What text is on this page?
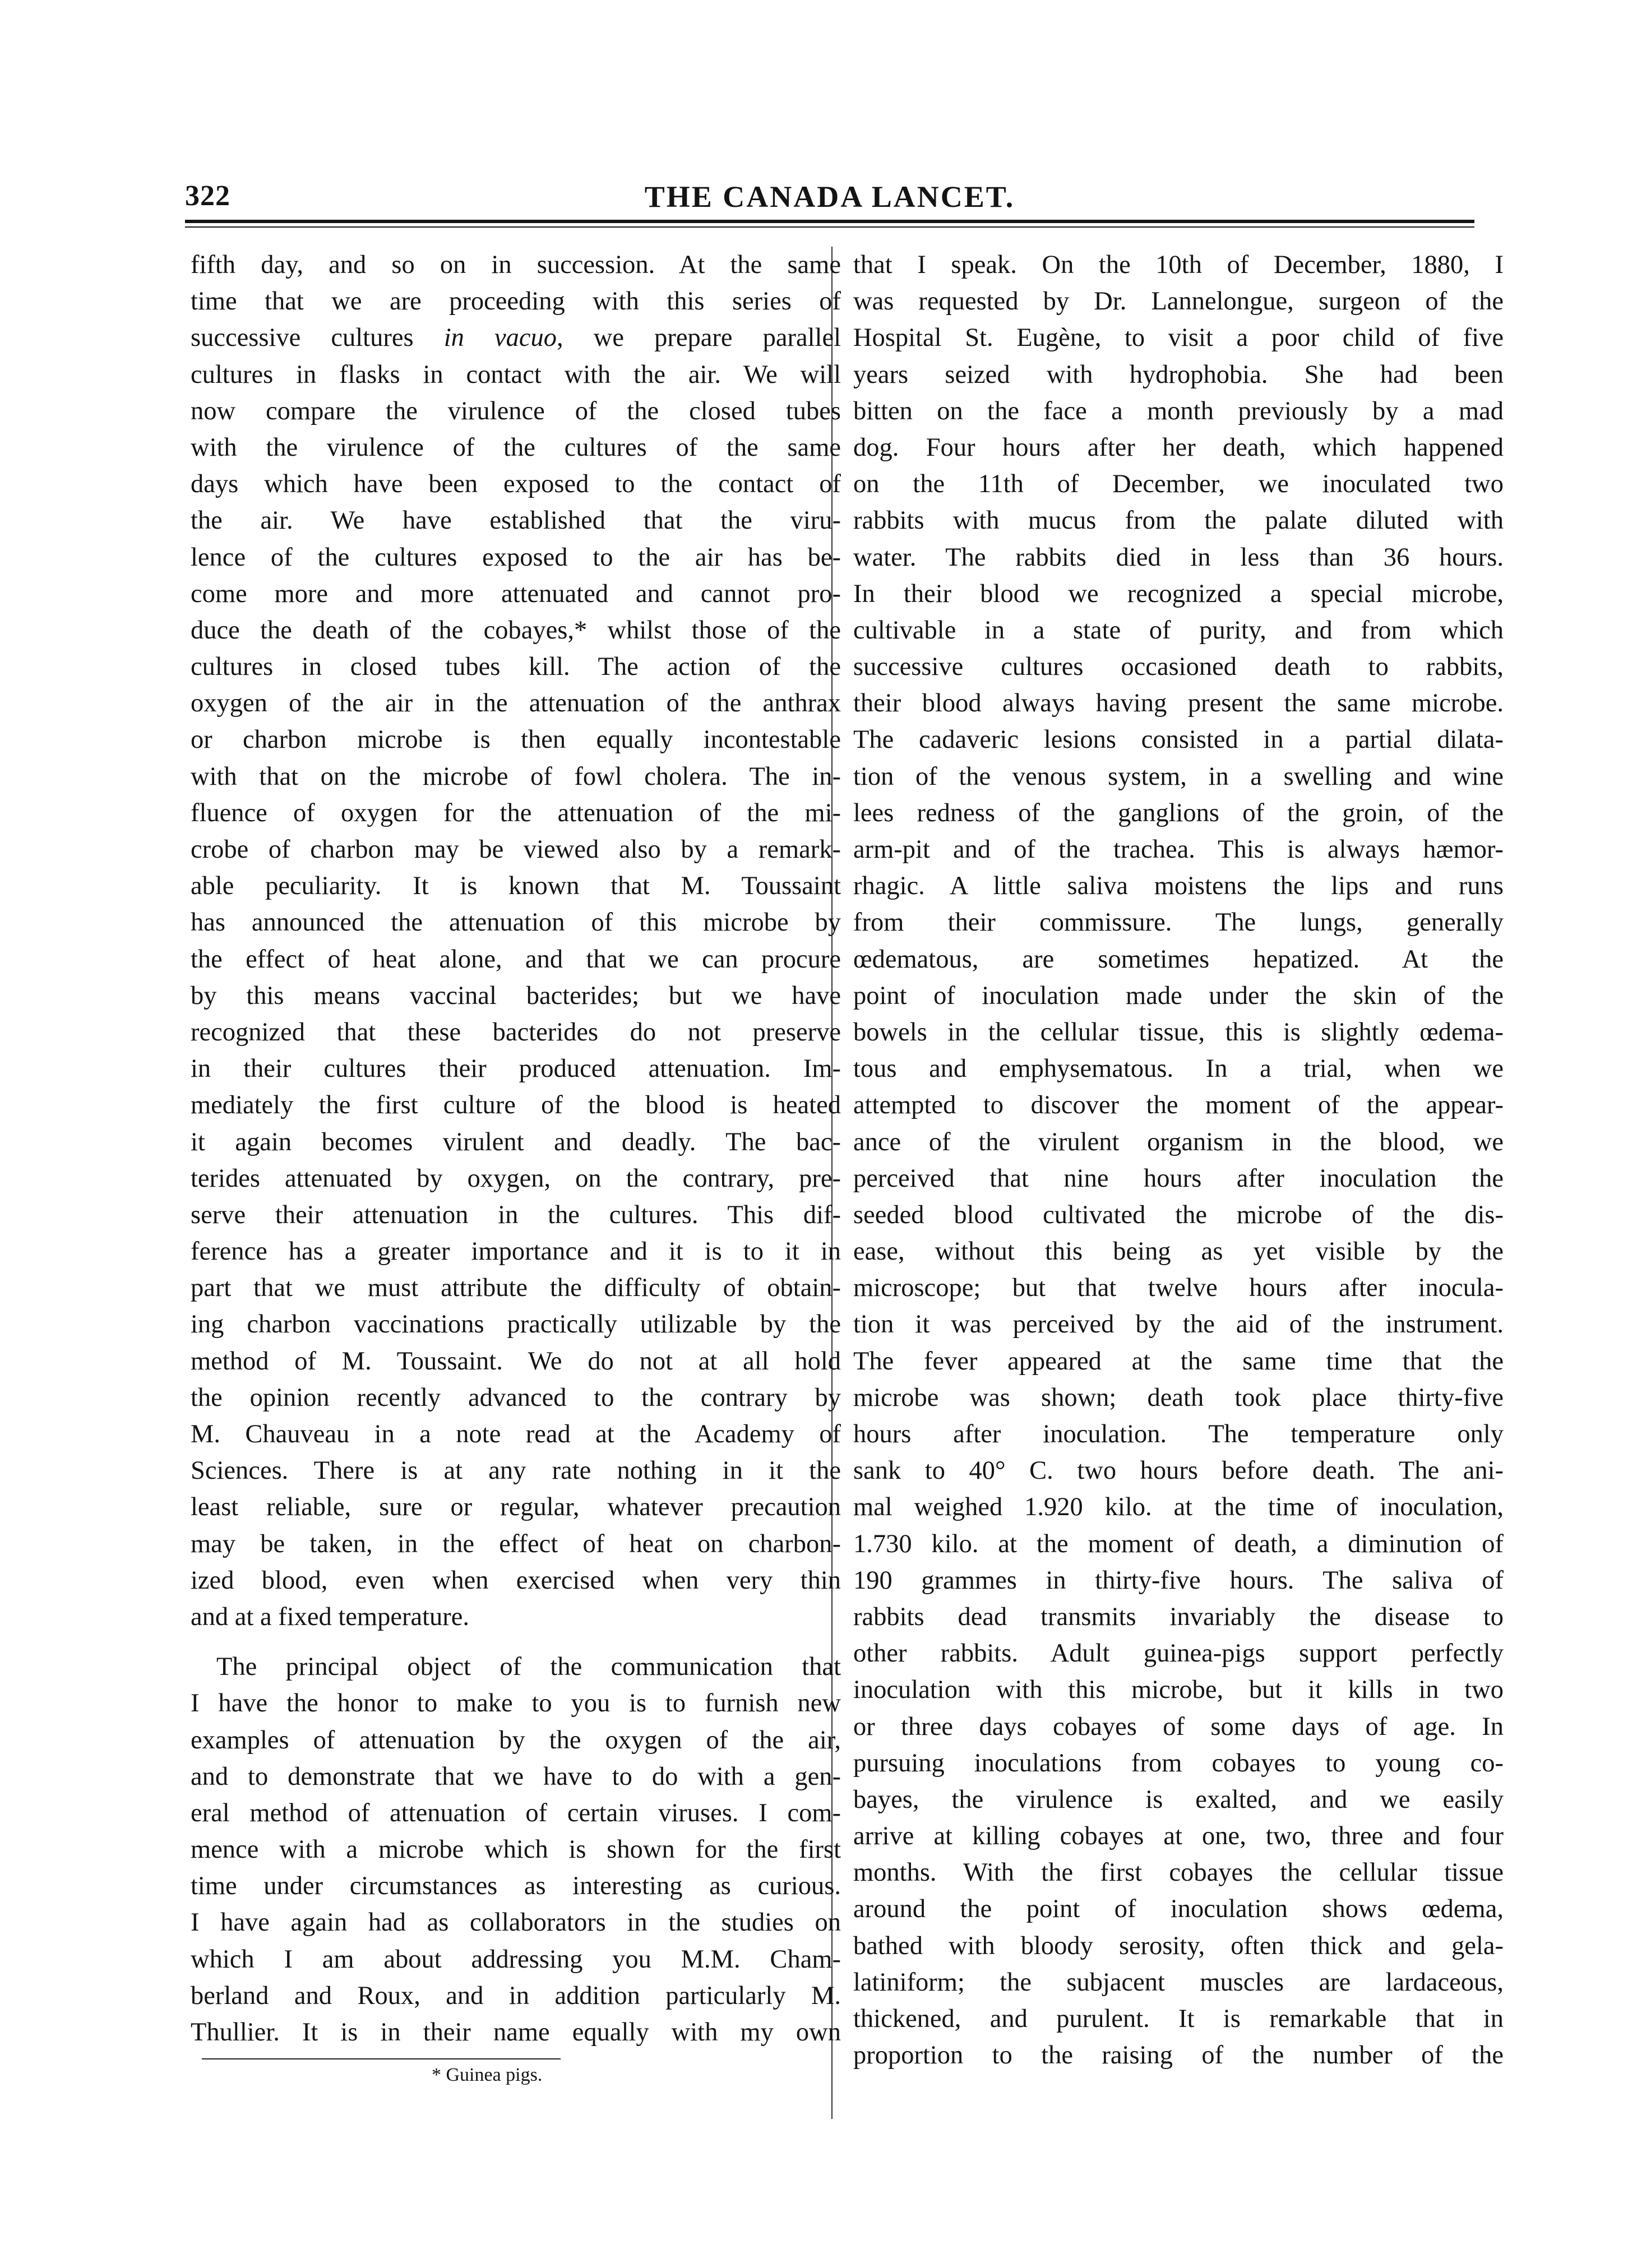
322	THE CANADA LANCET.
fifth day, and so on in succession. At the same
time that we are proceeding with this series of
successive cultures in vacuo, we prepare parallel
cultures in flasks in contact with the air. We will
now compare the virulence of the closed tubes
with the virulence of the cultures of the same
days which have been exposed to the contact of
the air. We have established that the viru-
lence of the cultures exposed to the air has be-
come more and more attenuated and cannot pro-
duce the death of the cobayes,* whilst those of the
cultures in closed tubes kill. The action of the
oxygen of the air in the attenuation of the anthrax
or charbon microbe is then equally incontestable
with that on the microbe of fowl cholera. The in-
fluence of oxygen for the attenuation of the mi-
crobe of charbon may be viewed also by a remark-
able peculiarity. It is known that M. Toussaint
has announced the attenuation of this microbe by
the effect of heat alone, and that we can procure
by this means vaccinal bacterides; but we have
recognized that these bacterides do not preserve
in their cultures their produced attenuation. Im-
mediately the first culture of the blood is heated
it again becomes virulent and deadly. The bac-
terides attenuated by oxygen, on the contrary, pre-
serve their attenuation in the cultures. This dif-
ference has a greater importance and it is to it in
part that we must attribute the difficulty of obtain-
ing charbon vaccinations practically utilizable by the
method of M. Toussaint. We do not at all hold
the opinion recently advanced to the contrary by
M. Chauveau in a note read at the Academy of
Sciences. There is at any rate nothing in it the
least reliable, sure or regular, whatever precaution
may be taken, in the effect of heat on charbon-
ized blood, even when exercised when very thin
and at a fixed temperature.
The principal object of the communication that
I have the honor to make to you is to furnish new
examples of attenuation by the oxygen of the air,
and to demonstrate that we have to do with a gen-
eral method of attenuation of certain viruses. I com-
mence with a microbe which is shown for the first
time under circumstances as interesting as curious.
I have again had as collaborators in the studies on
which I am about addressing you M.M. Cham-
berland and Roux, and in addition particularly M.
Thullier. It is in their name equally with my own
* Guinea pigs.
that I speak. On the 10th of December, 1880, I
was requested by Dr. Lannelongue, surgeon of the
Hospital St. Eugène, to visit a poor child of five
years seized with hydrophobia. She had been
bitten on the face a month previously by a mad
dog. Four hours after her death, which happened
on the 11th of December, we inoculated two
rabbits with mucus from the palate diluted with
water. The rabbits died in less than 36 hours.
In their blood we recognized a special microbe,
cultivable in a state of purity, and from which
successive cultures occasioned death to rabbits,
their blood always having present the same microbe.
The cadaveric lesions consisted in a partial dilata-
tion of the venous system, in a swelling and wine
lees redness of the ganglions of the groin, of the
arm-pit and of the trachea. This is always hæmor-
rhagic. A little saliva moistens the lips and runs
from their commissure. The lungs, generally
œdematous, are sometimes hepatized. At the
point of inoculation made under the skin of the
bowels in the cellular tissue, this is slightly œdema-
tous and emphysematous. In a trial, when we
attempted to discover the moment of the appear-
ance of the virulent organism in the blood, we
perceived that nine hours after inoculation the
seeded blood cultivated the microbe of the dis-
ease, without this being as yet visible by the
microscope; but that twelve hours after inocula-
tion it was perceived by the aid of the instrument.
The fever appeared at the same time that the
microbe was shown; death took place thirty-five
hours after inoculation. The temperature only
sank to 40° C. two hours before death. The ani-
mal weighed 1.920 kilo. at the time of inoculation,
1.730 kilo. at the moment of death, a diminution of
190 grammes in thirty-five hours. The saliva of
rabbits dead transmits invariably the disease to
other rabbits. Adult guinea-pigs support perfectly
inoculation with this microbe, but it kills in two
or three days cobayes of some days of age. In
pursuing inoculations from cobayes to young co-
bayes, the virulence is exalted, and we easily
arrive at killing cobayes at one, two, three and four
months. With the first cobayes the cellular tissue
around the point of inoculation shows œdema,
bathed with bloody serosity, often thick and gela-
latiniform; the subjacent muscles are lardaceous,
thickened, and purulent. It is remarkable that in
proportion to the raising of the number of the
